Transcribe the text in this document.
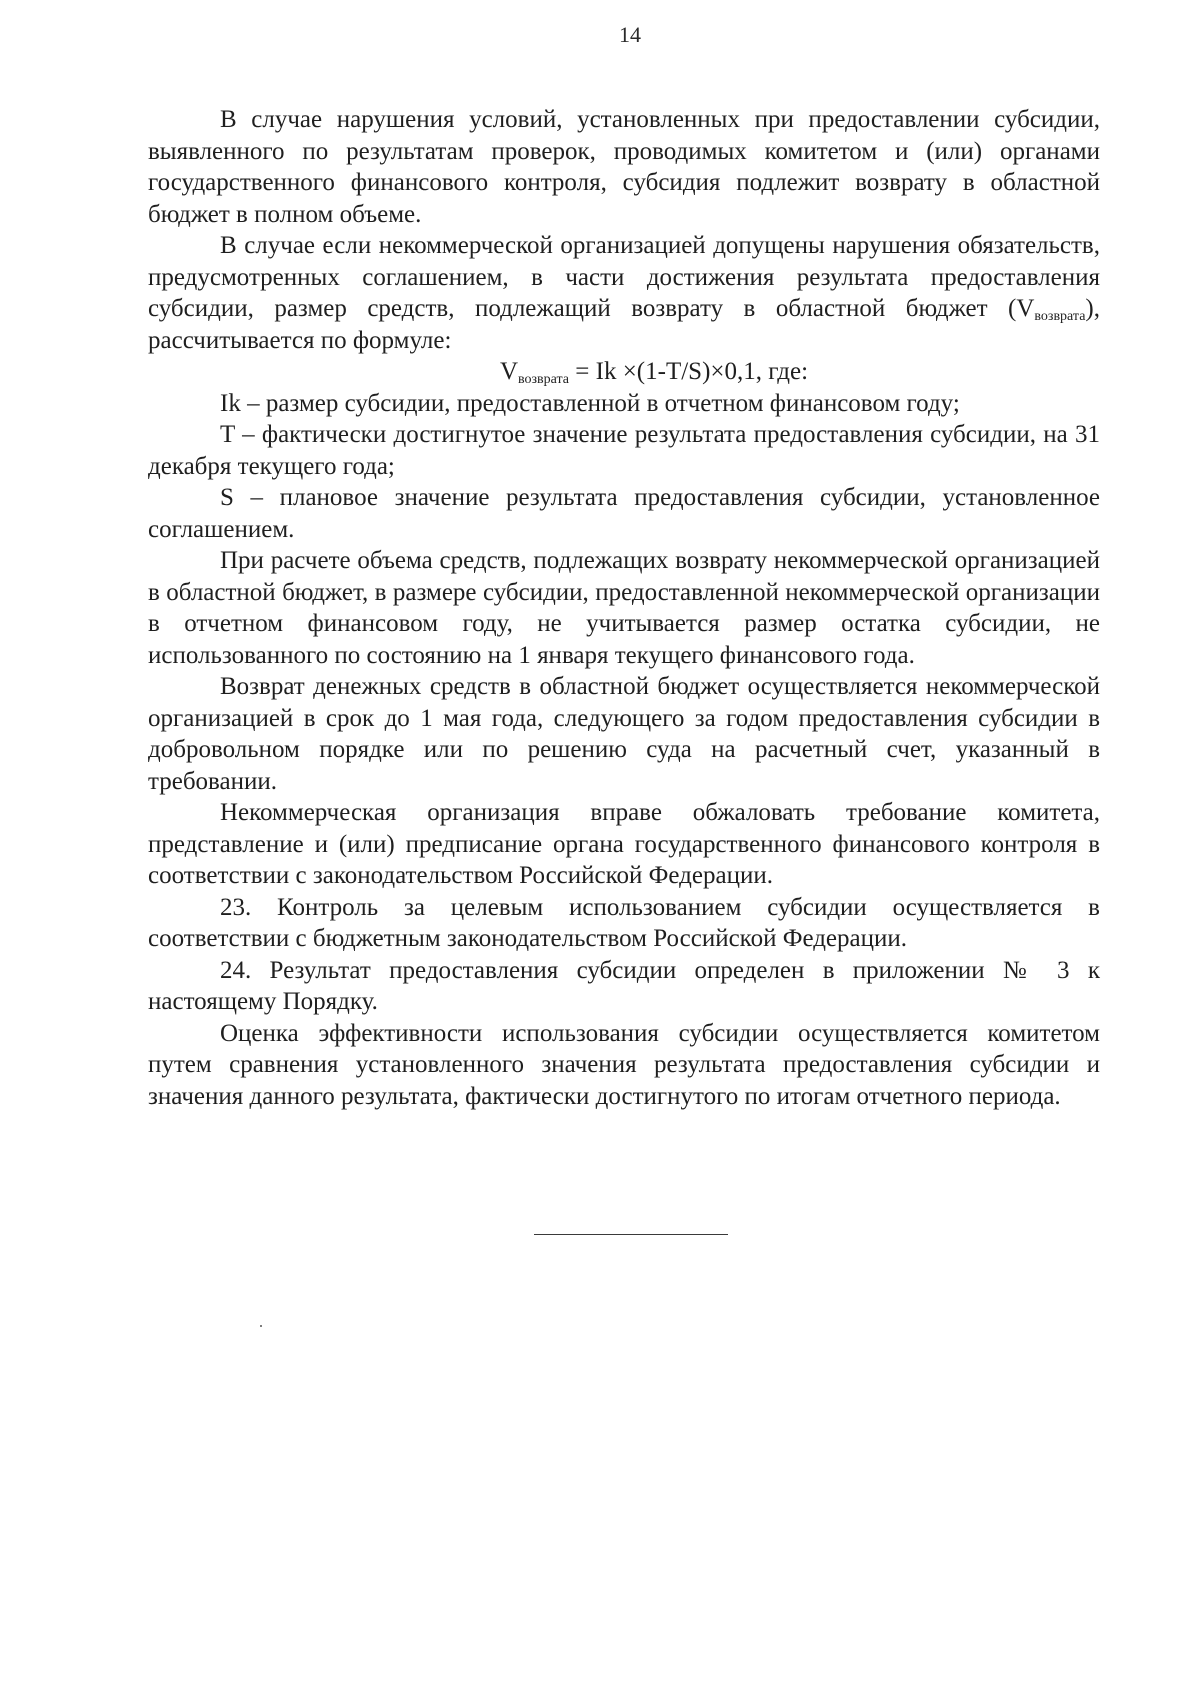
14

В случае нарушения условий, установленных при предоставлении субсидии, выявленного по результатам проверок, проводимых комитетом и (или) органами государственного финансового контроля, субсидия подлежит возврату в областной бюджет в полном объеме.

В случае если некоммерческой организацией допущены нарушения обязательств, предусмотренных соглашением, в части достижения результата предоставления субсидии, размер средств, подлежащий возврату в областной бюджет $(V_{возврата})$, рассчитывается по формуле:

$V_{возврата} = Ik \times(1-T/S)\times 0,1$, где:

Ik – размер субсидии, предоставленной в отчетном финансовом году;

T – фактически достигнутое значение результата предоставления субсидии, на 31 декабря текущего года;

S – плановое значение результата предоставления субсидии, установленное соглашением.

При расчете объема средств, подлежащих возврату некоммерческой организацией в областной бюджет, в размере субсидии, предоставленной некоммерческой организации в отчетном финансовом году, не учитывается размер остатка субсидии, не использованного по состоянию на 1 января текущего финансового года.

Возврат денежных средств в областной бюджет осуществляется некоммерческой организацией в срок до 1 мая года, следующего за годом предоставления субсидии в добровольном порядке или по решению суда на расчетный счет, указанный в требовании.

Некоммерческая организация вправе обжаловать требование комитета, представление и (или) предписание органа государственного финансового контроля в соответствии с законодательством Российской Федерации.

23. Контроль за целевым использованием субсидии осуществляется в соответствии с бюджетным законодательством Российской Федерации.

24. Результат предоставления субсидии определен в приложении № 3 к настоящему Порядку.

Оценка эффективности использования субсидии осуществляется комитетом путем сравнения установленного значения результата предоставления субсидии и значения данного результата, фактически достигнутого по итогам отчетного периода.
